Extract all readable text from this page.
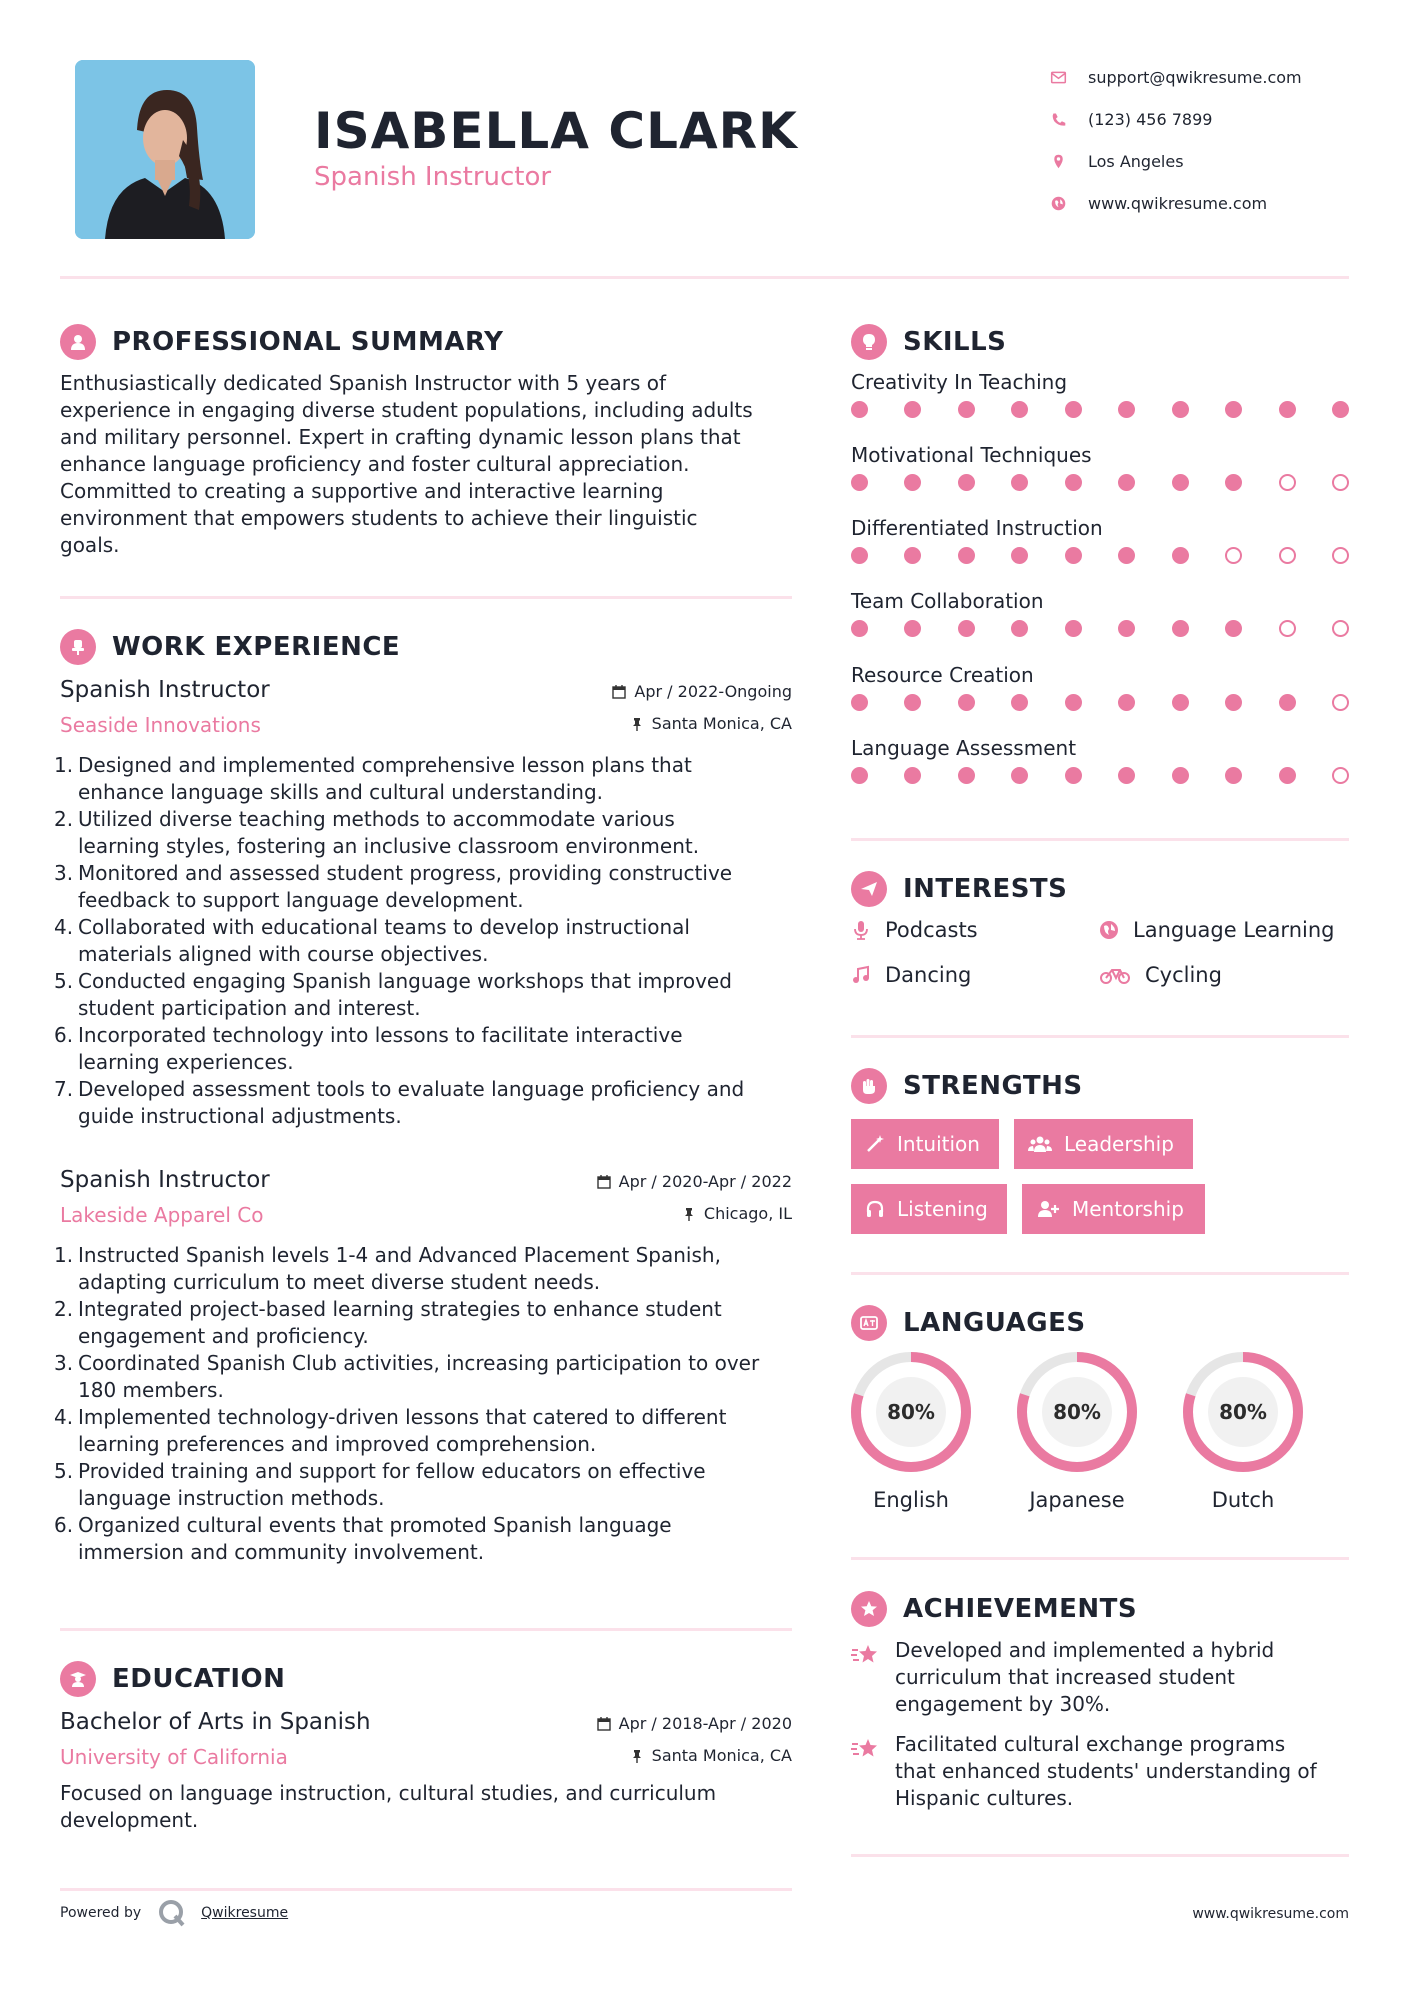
ISABELLA CLARK
Spanish Instructor
support@qwikresume.com
(123) 456 7899
Los Angeles
www.qwikresume.com
PROFESSIONAL SUMMARY
Enthusiastically dedicated Spanish Instructor with 5 years of
experience in engaging diverse student populations, including adults
and military personnel. Expert in crafting dynamic lesson plans that
enhance language proficiency and foster cultural appreciation.
Committed to creating a supportive and interactive learning
environment that empowers students to achieve their linguistic
goals.
WORK EXPERIENCE
Spanish Instructor
Seaside Innovations
Apr / 2022-Ongoing
Santa Monica, CA
1. Designed and implemented comprehensive lesson plans that
enhance language skills and cultural understanding.
2. Utilized diverse teaching methods to accommodate various
learning styles, fostering an inclusive classroom environment.
3. Monitored and assessed student progress, providing constructive
feedback to support language development.
4. Collaborated with educational teams to develop instructional
materials aligned with course objectives.
5. Conducted engaging Spanish language workshops that improved
student participation and interest.
6. Incorporated technology into lessons to facilitate interactive
learning experiences.
7. Developed assessment tools to evaluate language proficiency and
guide instructional adjustments.
Spanish Instructor
Lakeside Apparel Co
Apr / 2020-Apr / 2022
Chicago, IL
1. Instructed Spanish levels 1-4 and Advanced Placement Spanish,
adapting curriculum to meet diverse student needs.
2. Integrated project-based learning strategies to enhance student
engagement and proficiency.
3. Coordinated Spanish Club activities, increasing participation to over
180 members.
4. Implemented technology-driven lessons that catered to different
learning preferences and improved comprehension.
5. Provided training and support for fellow educators on effective
language instruction methods.
6. Organized cultural events that promoted Spanish language
immersion and community involvement.
EDUCATION
Bachelor of Arts in Spanish
University of California
Apr / 2018-Apr / 2020
Santa Monica, CA
Focused on language instruction, cultural studies, and curriculum
development.
Powered by	Qwikresume	www.qwikresume.com
SKILLS
Creativity In Teaching
Motivational Techniques
Differentiated Instruction
Team Collaboration
Resource Creation
Language Assessment
INTERESTS
Podcasts	Language Learning
Dancing	Cycling
STRENGTHS
Intuition	Leadership
Listening	Mentorship
LANGUAGES
80%
English
80%
Japanese
80%
Dutch
ACHIEVEMENTS
Developed and implemented a hybrid
curriculum that increased student
engagement by 30%.
Facilitated cultural exchange programs
that enhanced students' understanding of
Hispanic cultures.
